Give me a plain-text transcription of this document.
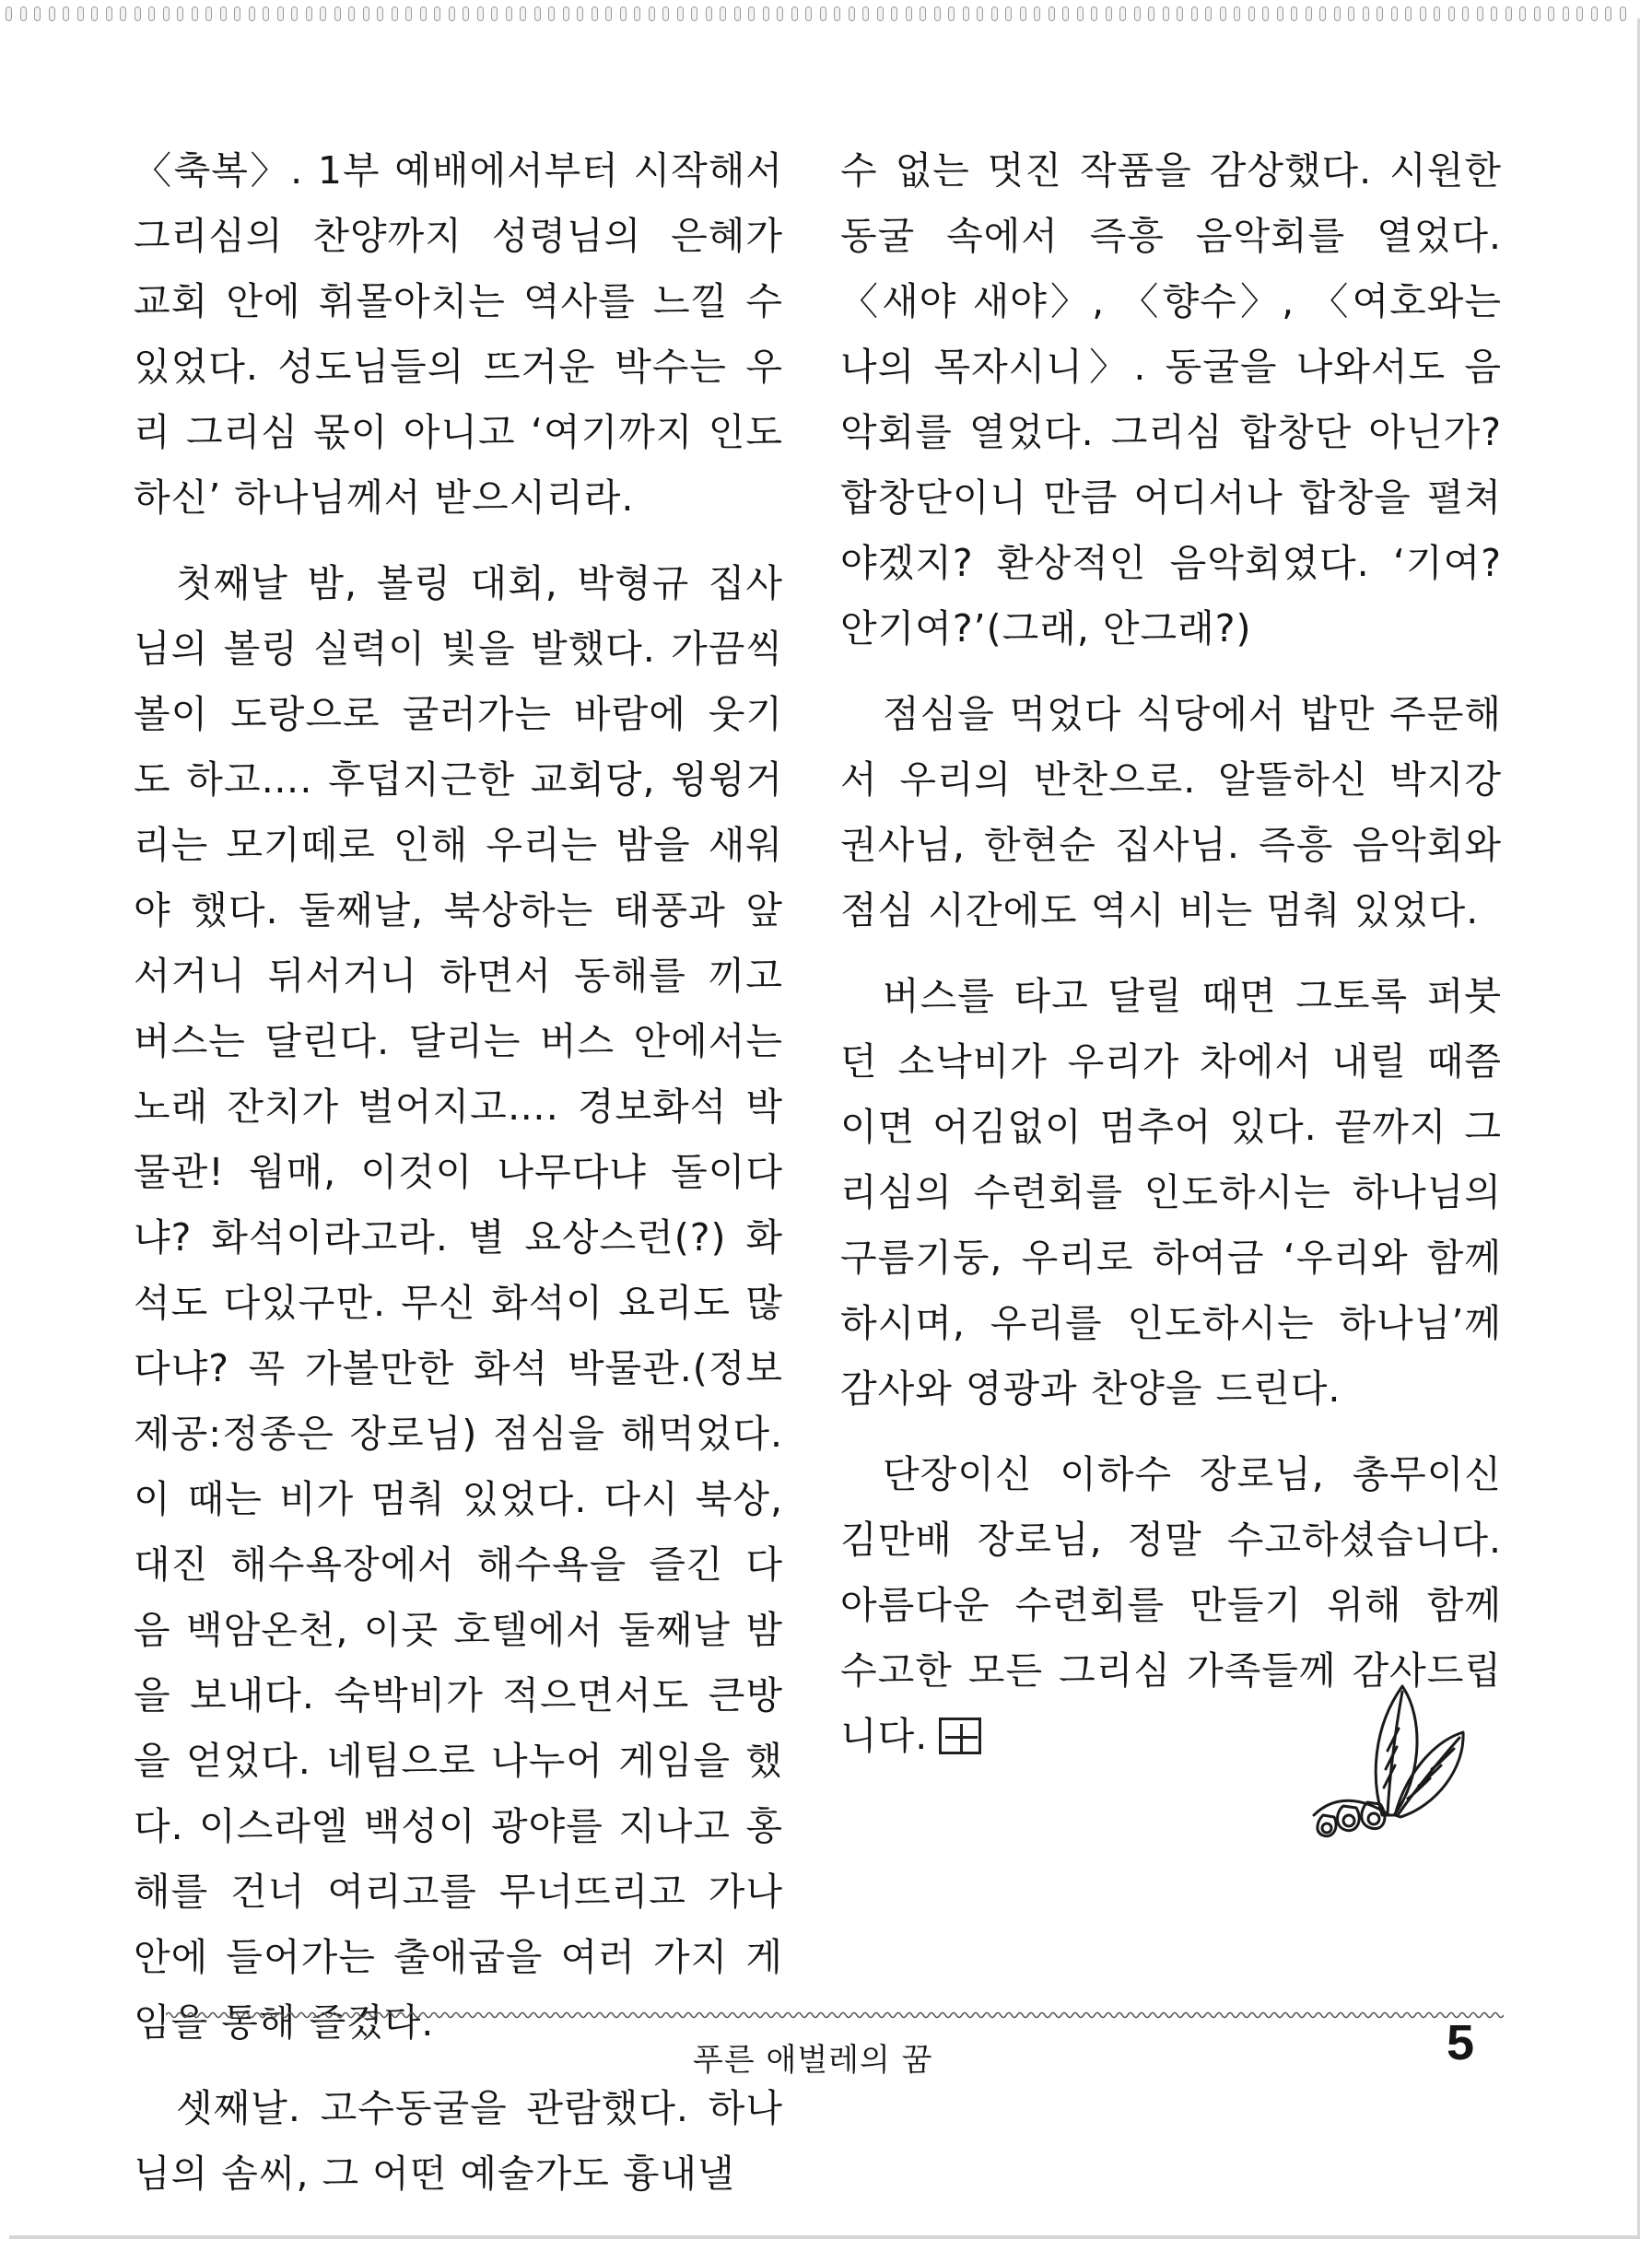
〈축복〉. 1부 예배에서부터 시작해서 그리심의 찬양까지 성령님의 은혜가 교회 안에 휘몰아치는 역사를 느낄 수 있었다. 성도님들의 뜨거운 박수는 우리 그리심 몫이 아니고 ‘여기까지 인도하신’ 하나님께서 받으시리라.

첫째날 밤, 볼링 대회, 박형규 집사님의 볼링 실력이 빛을 발했다. 가끔씩 볼이 도랑으로 굴러가는 바람에 웃기도 하고…. 후덥지근한 교회당, 윙윙거리는 모기떼로 인해 우리는 밤을 새워야 했다. 둘째날, 북상하는 태풍과 앞서거니 뒤서거니 하면서 동해를 끼고 버스는 달린다. 달리는 버스 안에서는 노래 잔치가 벌어지고…. 경보화석 박물관! 웜매, 이것이 나무다냐 돌이다냐? 화석이라고라. 별 요상스런(?) 화석도 다있구만. 무신 화석이 요리도 많다냐? 꼭 가볼만한 화석 박물관.(정보제공:정종은 장로님) 점심을 해먹었다. 이 때는 비가 멈춰 있었다. 다시 북상, 대진 해수욕장에서 해수욕을 즐긴 다음 백암온천, 이곳 호텔에서 둘째날 밤을 보내다. 숙박비가 적으면서도 큰방을 얻었다. 네팀으로 나누어 게임을 했다. 이스라엘 백성이 광야를 지나고 홍해를 건너 여리고를 무너뜨리고 가나안에 들어가는 출애굽을 여러 가지 게임을 통해 즐겼다.

셋째날. 고수동굴을 관람했다. 하나님의 솜씨, 그 어떤 예술가도 흉내낼

수 없는 멋진 작품을 감상했다. 시원한 동굴 속에서 즉흥 음악회를 열었다. 〈새야 새야〉, 〈향수〉, 〈여호와는 나의 목자시니〉. 동굴을 나와서도 음악회를 열었다. 그리심 합창단 아닌가? 합창단이니 만큼 어디서나 합창을 펼쳐야겠지? 환상적인 음악회였다. ‘기여? 안기여?’(그래, 안그래?)

점심을 먹었다 식당에서 밥만 주문해서 우리의 반찬으로. 알뜰하신 박지강 권사님, 한현순 집사님. 즉흥 음악회와 점심 시간에도 역시 비는 멈춰 있었다.

버스를 타고 달릴 때면 그토록 퍼붓던 소낙비가 우리가 차에서 내릴 때쯤이면 어김없이 멈추어 있다. 끝까지 그리심의 수련회를 인도하시는 하나님의 구름기둥, 우리로 하여금 ‘우리와 함께하시며, 우리를 인도하시는 하나님’께 감사와 영광과 찬양을 드린다.

단장이신 이하수 장로님, 총무이신 김만배 장로님, 정말 수고하셨습니다. 아름다운 수련회를 만들기 위해 함께 수고한 모든 그리심 가족들께 감사드립니다.

푸른 애벌레의 꿈	5
